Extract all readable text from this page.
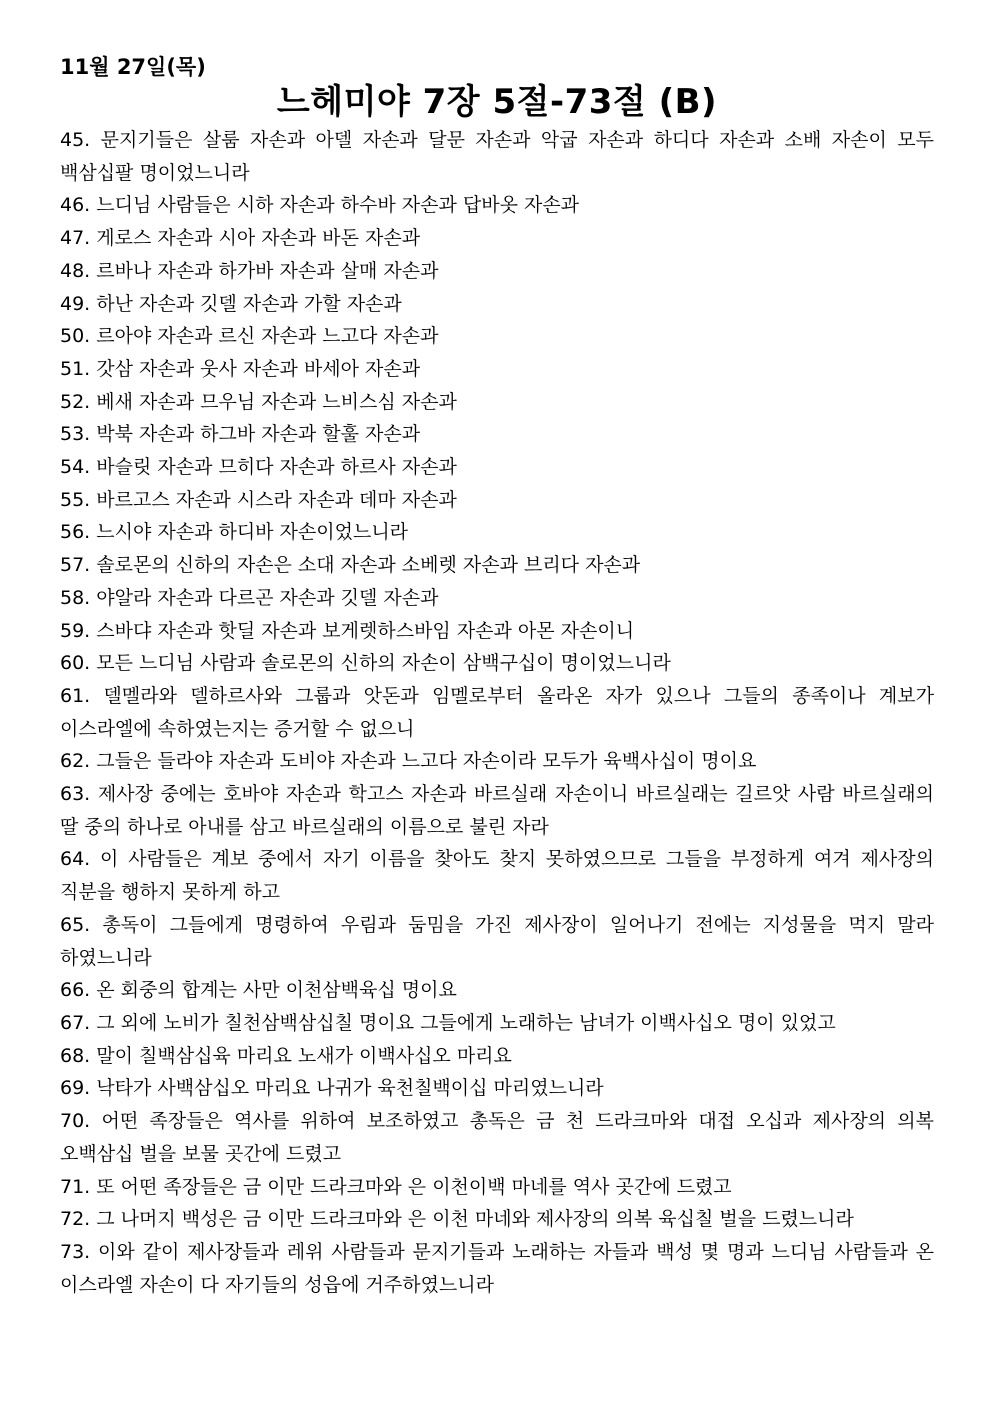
11월 27일(목)

느헤미야 7장 5절-73절 (B)
45. 문지기들은 살룸 자손과 아델 자손과 달문 자손과 악굽 자손과 하디다 자손과 소배 자손이 모두 백삼십팔 명이었느니라
46. 느디님 사람들은 시하 자손과 하수바 자손과 답바옷 자손과
47. 게로스 자손과 시아 자손과 바돈 자손과
48. 르바나 자손과 하가바 자손과 살매 자손과
49. 하난 자손과 깃델 자손과 가할 자손과
50. 르아야 자손과 르신 자손과 느고다 자손과
51. 갓삼 자손과 웃사 자손과 바세아 자손과
52. 베새 자손과 므우님 자손과 느비스심 자손과
53. 박북 자손과 하그바 자손과 할훌 자손과
54. 바슬릿 자손과 므히다 자손과 하르사 자손과
55. 바르고스 자손과 시스라 자손과 데마 자손과
56. 느시야 자손과 하디바 자손이었느니라
57. 솔로몬의 신하의 자손은 소대 자손과 소베렛 자손과 브리다 자손과
58. 야알라 자손과 다르곤 자손과 깃델 자손과
59. 스바댜 자손과 핫딜 자손과 보게렛하스바임 자손과 아몬 자손이니
60. 모든 느디님 사람과 솔로몬의 신하의 자손이 삼백구십이 명이었느니라
61. 델멜라와 델하르사와 그룹과 앗돈과 임멜로부터 올라온 자가 있으나 그들의 종족이나 계보가 이스라엘에 속하였는지는 증거할 수 없으니
62. 그들은 들라야 자손과 도비야 자손과 느고다 자손이라 모두가 육백사십이 명이요
63. 제사장 중에는 호바야 자손과 학고스 자손과 바르실래 자손이니 바르실래는 길르앗 사람 바르실래의 딸 중의 하나로 아내를 삼고 바르실래의 이름으로 불린 자라
64. 이 사람들은 계보 중에서 자기 이름을 찾아도 찾지 못하였으므로 그들을 부정하게 여겨 제사장의 직분을 행하지 못하게 하고
65. 총독이 그들에게 명령하여 우림과 둠밈을 가진 제사장이 일어나기 전에는 지성물을 먹지 말라 하였느니라
66. 온 회중의 합계는 사만 이천삼백육십 명이요
67. 그 외에 노비가 칠천삼백삼십칠 명이요 그들에게 노래하는 남녀가 이백사십오 명이 있었고
68. 말이 칠백삼십육 마리요 노새가 이백사십오 마리요
69. 낙타가 사백삼십오 마리요 나귀가 육천칠백이십 마리였느니라
70. 어떤 족장들은 역사를 위하여 보조하였고 총독은 금 천 드라크마와 대접 오십과 제사장의 의복 오백삼십 벌을 보물 곳간에 드렸고
71. 또 어떤 족장들은 금 이만 드라크마와 은 이천이백 마네를 역사 곳간에 드렸고
72. 그 나머지 백성은 금 이만 드라크마와 은 이천 마네와 제사장의 의복 육십칠 벌을 드렸느니라
73. 이와 같이 제사장들과 레위 사람들과 문지기들과 노래하는 자들과 백성 몇 명과 느디님 사람들과 온 이스라엘 자손이 다 자기들의 성읍에 거주하였느니라
